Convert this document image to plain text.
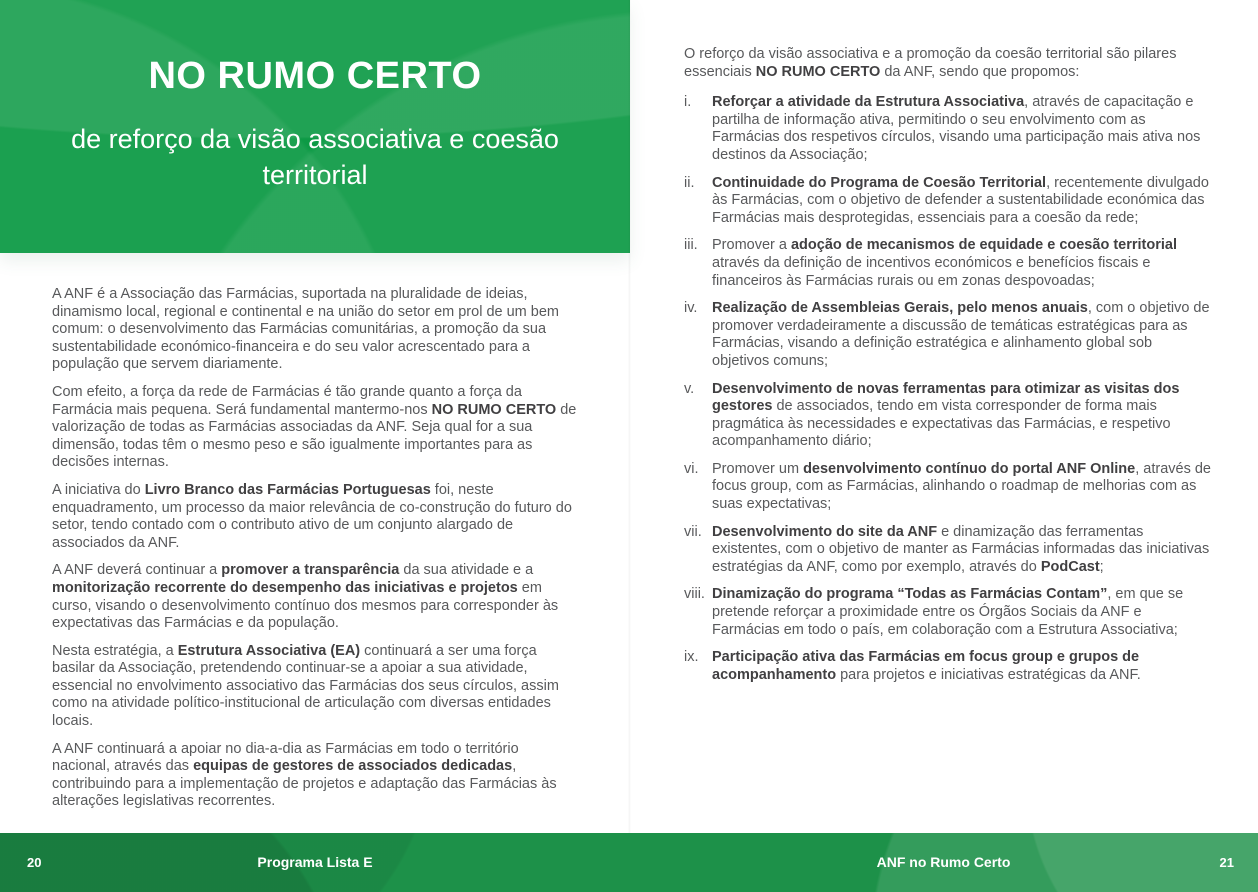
NO RUMO CERTO
de reforço da visão associativa e coesão territorial

A ANF é a Associação das Farmácias, suportada na pluralidade de ideias, dinamismo local, regional e continental e na união do setor em prol de um bem comum: o desenvolvimento das Farmácias comunitárias, a promoção da sua sustentabilidade económico-financeira e do seu valor acrescentado para a população que servem diariamente.

Com efeito, a força da rede de Farmácias é tão grande quanto a força da Farmácia mais pequena. Será fundamental mantermo-nos NO RUMO CERTO de valorização de todas as Farmácias associadas da ANF. Seja qual for a sua dimensão, todas têm o mesmo peso e são igualmente importantes para as decisões internas.

A iniciativa do Livro Branco das Farmácias Portuguesas foi, neste enquadramento, um processo da maior relevância de co-construção do futuro do setor, tendo contado com o contributo ativo de um conjunto alargado de associados da ANF.

A ANF deverá continuar a promover a transparência da sua atividade e a monitorização recorrente do desempenho das iniciativas e projetos em curso, visando o desenvolvimento contínuo dos mesmos para corresponder às expectativas das Farmácias e da população.

Nesta estratégia, a Estrutura Associativa (EA) continuará a ser uma força basilar da Associação, pretendendo continuar-se a apoiar a sua atividade, essencial no envolvimento associativo das Farmácias dos seus círculos, assim como na atividade político-institucional de articulação com diversas entidades locais.

A ANF continuará a apoiar no dia-a-dia as Farmácias em todo o território nacional, através das equipas de gestores de associados dedicadas, contribuindo para a implementação de projetos e adaptação das Farmácias às alterações legislativas recorrentes.

O reforço da visão associativa e a promoção da coesão territorial são pilares essenciais NO RUMO CERTO da ANF, sendo que propomos:

i.	Reforçar a atividade da Estrutura Associativa, através de capacitação e partilha de informação ativa, permitindo o seu envolvimento com as Farmácias dos respetivos círculos, visando uma participação mais ativa nos destinos da Associação;
ii.	Continuidade do Programa de Coesão Territorial, recentemente divulgado às Farmácias, com o objetivo de defender a sustentabilidade económica das Farmácias mais desprotegidas, essenciais para a coesão da rede;
iii. Promover a adoção de mecanismos de equidade e coesão territorial através da definição de incentivos económicos e benefícios fiscais e financeiros às Farmácias rurais ou em zonas despovoadas;
iv.	Realização de Assembleias Gerais, pelo menos anuais, com o objetivo de promover verdadeiramente a discussão de temáticas estratégicas para as Farmácias, visando a definição estratégica e alinhamento global sob objetivos comuns;
v.	Desenvolvimento de novas ferramentas para otimizar as visitas dos gestores de associados, tendo em vista corresponder de forma mais pragmática às necessidades e expectativas das Farmácias, e respetivo acompanhamento diário;
vi. Promover um desenvolvimento contínuo do portal ANF Online, através de focus group, com as Farmácias, alinhando o roadmap de melhorias com as suas expectativas;
vii. Desenvolvimento do site da ANF e dinamização das ferramentas existentes, com o objetivo de manter as Farmácias informadas das iniciativas estratégias da ANF, como por exemplo, através do PodCast;
viii. Dinamização do programa “Todas as Farmácias Contam”, em que se pretende reforçar a proximidade entre os Órgãos Sociais da ANF e Farmácias em todo o país, em colaboração com a Estrutura Associativa;
ix. Participação ativa das Farmácias em focus group e grupos de acompanhamento para projetos e iniciativas estratégicas da ANF.
20	Programa Lista E	ANF no Rumo Certo	21
